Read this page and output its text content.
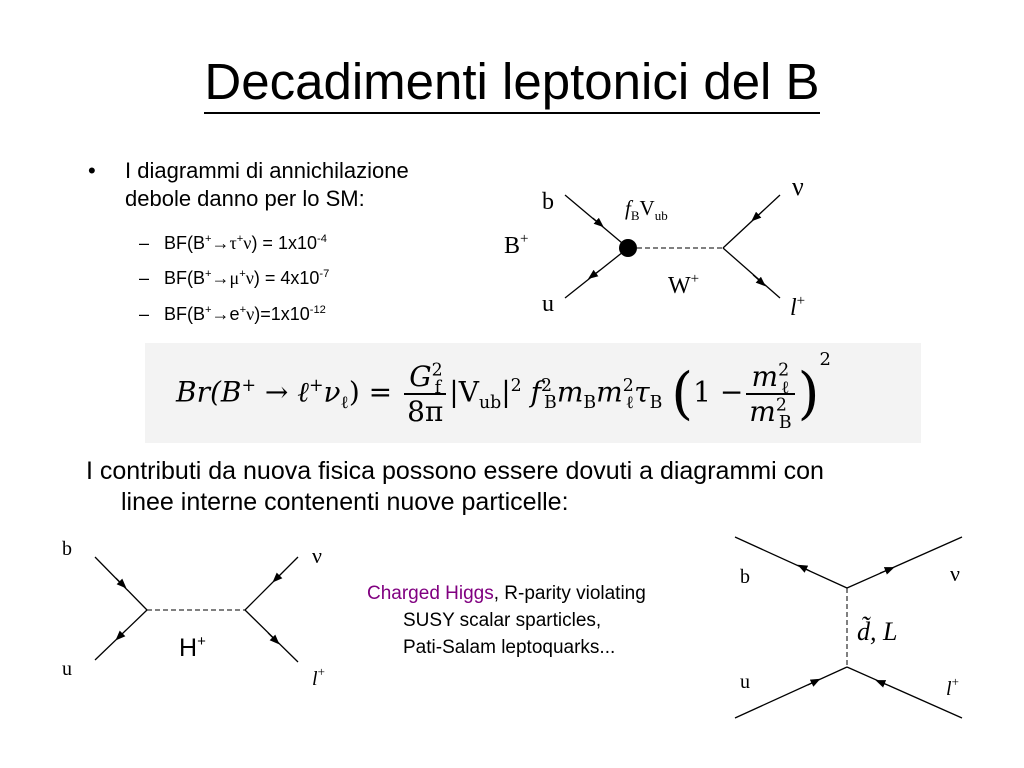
Decadimenti leptonici del B
• I diagrammi di annichilazione
debole danno per lo SM:
–   $BF(B^+\to\tau^+\nu) = 1x10^{-4}$
–   $BF(B^+\to\mu^+\nu) = 4x10^{-7}$
–   $BF(B^+\to e^+\nu)=1x10^{-12}$
b
u
B+
$f_BV_{ub}$
W+
ν
l+
$Br(B^+ \to \ell^+\nu_\ell) = \frac{G^2_f}{8\pi} |V_{ub}|^2$ $f^2_Bm_Bm^2_\ell\tau_B$ $(1 - \frac{m^2_\ell}{m^2_B} )^2$
I contributi da nuova fisica possono essere dovuti a diagrammi con
linee interne contenenti nuove particelle:
b
u
ν
l+
H+
Charged Higgs, R-parity violating
SUSY scalar sparticles,
Pati-Salam leptoquarks...
b
u
ν
l+
d̃, L
